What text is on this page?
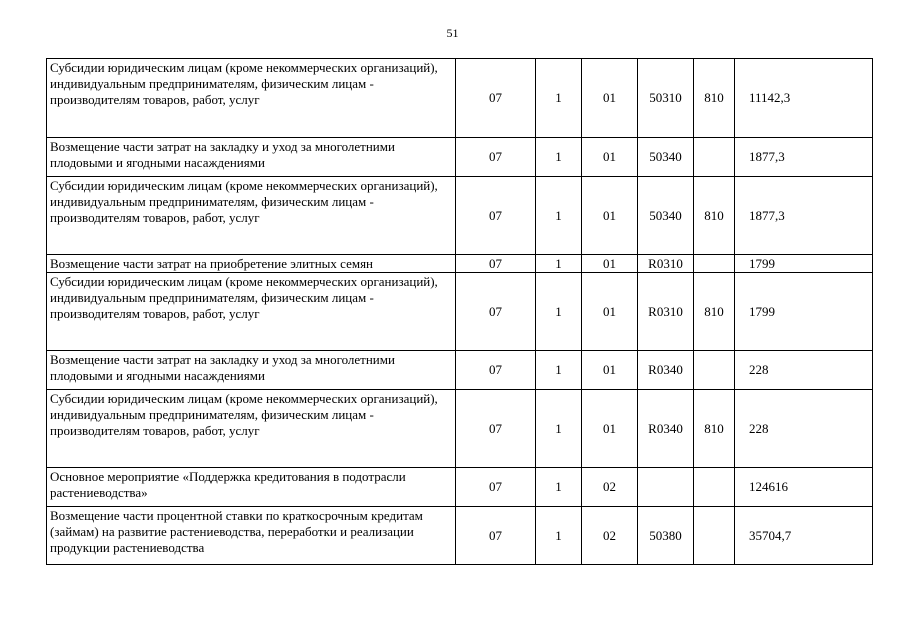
51
Субсидии юридическим лицам (кроме некоммерческих организаций), индивидуальным предпринимателям, физическим лицам - производителям товаров, работ, услуг	07	1	01	50310	810	11142,3
Возмещение части затрат на закладку и уход за многолетними плодовыми и ягодными насаждениями	07	1	01	50340		1877,3
Субсидии юридическим лицам (кроме некоммерческих организаций), индивидуальным предпринимателям, физическим лицам - производителям товаров, работ, услуг	07	1	01	50340	810	1877,3
Возмещение части затрат на приобретение элитных семян	07	1	01	R0310		1799
Субсидии юридическим лицам (кроме некоммерческих организаций), индивидуальным предпринимателям, физическим лицам - производителям товаров, работ, услуг	07	1	01	R0310	810	1799
Возмещение части затрат на закладку и уход за многолетними плодовыми и ягодными насаждениями	07	1	01	R0340		228
Субсидии юридическим лицам (кроме некоммерческих организаций), индивидуальным предпринимателям, физическим лицам - производителям товаров, работ, услуг	07	1	01	R0340	810	228
Основное мероприятие «Поддержка кредитования в подотрасли растениеводства»	07	1	02			124616
Возмещение части процентной ставки по краткосрочным кредитам (займам) на развитие растениеводства, переработки и реализации продукции растениеводства	07	1	02	50380		35704,7
